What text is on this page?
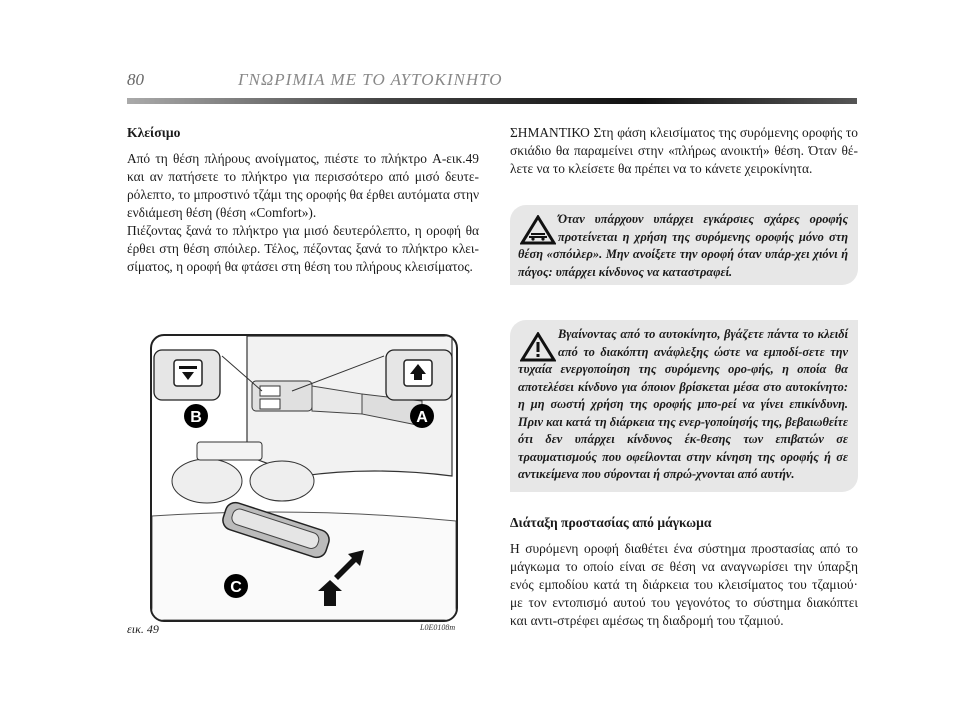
80	ΓΝΩΡΙΜΙΑ ΜΕ ΤΟ ΑΥΤΟΚΙΝΗΤΟ

Κλείσιμο

Από τη θέση πλήρους ανοίγματος, πιέστε το πλήκτρο A-εικ.49 και αν πατήσετε το πλήκτρο για περισσότερο από μισό δευτε-ρόλεπτο, το μπροστινό τζάμι της οροφής θα έρθει αυτόματα στην ενδιάμεση θέση (θέση «Comfort»).

Πιέζοντας ξανά το πλήκτρο για μισό δευτερόλεπτο, η οροφή θα έρθει στη θέση σπόιλερ. Τέλος, πέζοντας ξανά το πλήκτρο κλει-σίματος, η οροφή θα φτάσει στη θέση του πλήρους κλεισίματος.

ΣΗΜΑΝΤΙΚΟ Στη φάση κλεισίματος της συρόμενης οροφής το σκιάδιο θα παραμείνει στην «πλήρως ανοικτή» θέση. Όταν θέ-λετε να το κλείσετε θα πρέπει να το κάνετε χειροκίνητα.

Όταν υπάρχουν υπάρχει εγκάρσιες σχάρες οροφής προτείνεται η χρήση της συρόμενης οροφής μόνο στη θέση «σπόιλερ». Μην ανοίξετε την οροφή όταν υπάρ-χει χιόνι ή πάγος: υπάρχει κίνδυνος να καταστραφεί.
Βγαίνοντας από το αυτοκίνητο, βγάζετε πάντα το κλειδί από το διακόπτη ανάφλεξης ώστε να εμποδί-σετε την τυχαία ενεργοποίηση της συρόμενης ορο-φής, η οποία θα αποτελέσει κίνδυνο για όποιον βρίσκεται μέσα στο αυτοκίνητο: η μη σωστή χρήση της οροφής μπο-ρεί να γίνει επικίνδυνη. Πριν και κατά τη διάρκεια της ενερ-γοποίησής της, βεβαιωθείτε ότι δεν υπάρχει κίνδυνος έκ-θεσης των επιβατών σε τραυματισμούς που οφείλονται στην κίνηση της οροφής ή σε αντικείμενα που σύρονται ή σπρώ-χνονται από αυτήν.

Διάταξη προστασίας από μάγκωμα

Η συρόμενη οροφή διαθέτει ένα σύστημα προστασίας από το μάγκωμα το οποίο είναι σε θέση να αναγνωρίσει την ύπαρξη ενός εμποδίου κατά τη διάρκεια του κλεισίματος του τζαμιού· με τον εντοπισμό αυτού του γεγονότος το σύστημα διακόπτει και αντι-στρέφει αμέσως τη διαδρομή του τζαμιού.

B	A
C
εικ. 49	L0E0108m
